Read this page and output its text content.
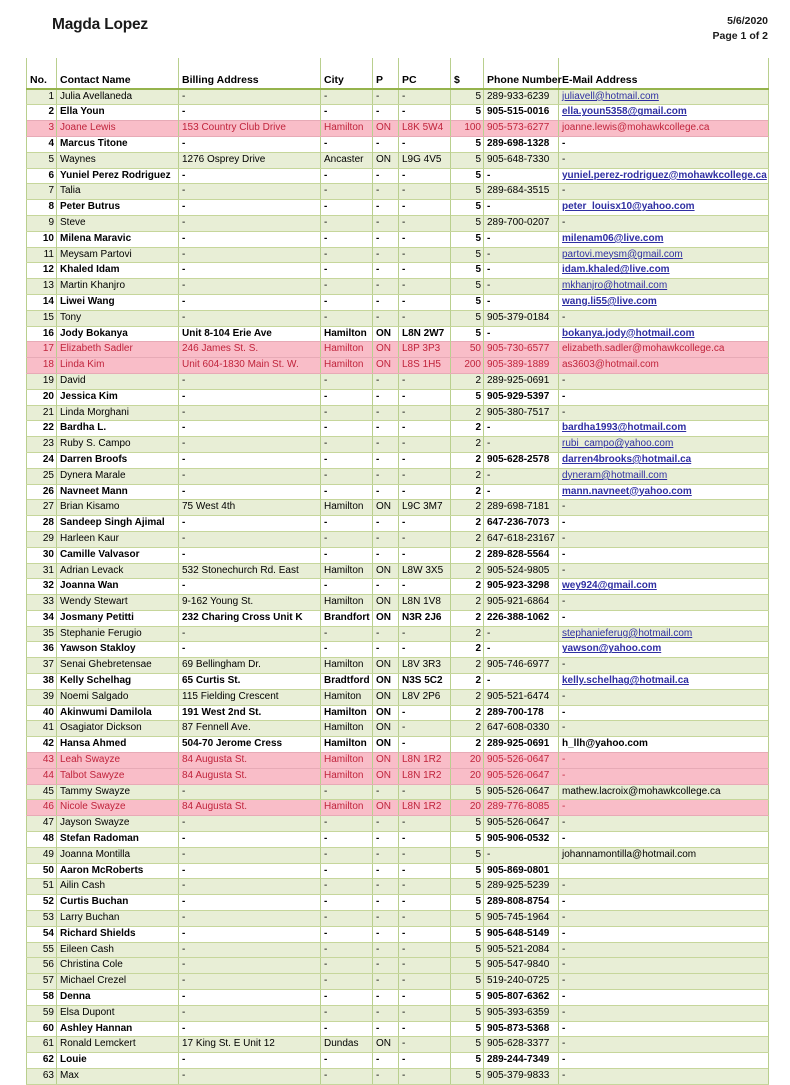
Magda Lopez	5/6/2020
Page 1 of 2

No.	Contact Name	Billing Address	City	P	PC	$	Phone Number	E-Mail Address
1	Julia Avellaneda	-	-	-	-	5	289-933-6239	juliavell@hotmail.com
2	Ella Youn	-	-	-	-	5	905-515-0016	ella.youn5358@gmail.com
3	Joane Lewis	153 Country Club Drive	Hamilton	ON	L8K 5W4	100	905-573-6277	joanne.lewis@mohawkcollege.ca
4	Marcus Titone	-	-	-	-	5	289-698-1328	-
5	Waynes	1276 Osprey Drive	Ancaster	ON	L9G 4V5	5	905-648-7330	-
6	Yuniel Perez Rodriguez	-	-	-	-	5	-	yuniel.perez-rodriguez@mohawkcollege.ca
7	Talia	-	-	-	-	5	289-684-3515	-
8	Peter Butrus	-	-	-	-	5	-	peter_louisx10@yahoo.com
9	Steve	-	-	-	-	5	289-700-0207	-
10	Milena Maravic	-	-	-	-	5	-	milenam06@live.com
11	Meysam Partovi	-	-	-	-	5	-	partovi.meysm@gmail.com
12	Khaled Idam	-	-	-	-	5	-	idam.khaled@live.com
13	Martin Khanjro	-	-	-	-	5	-	mkhanjro@hotmail.com
14	Liwei Wang	-	-	-	-	5	-	wang.li55@live.com
15	Tony	-	-	-	-	5	905-379-0184	-
16	Jody Bokanya	Unit 8-104 Erie Ave	Hamilton	ON	L8N 2W7	5	-	bokanya.jody@hotmail.com
17	Elizabeth Sadler	246 James St. S.	Hamilton	ON	L8P 3P3	50	905-730-6577	elizabeth.sadler@mohawkcollege.ca
18	Linda Kim	Unit 604-1830 Main St. W.	Hamilton	ON	L8S 1H5	200	905-389-1889	as3603@hotmail.com
19	David	-	-	-	-	2	289-925-0691	-
20	Jessica Kim	-	-	-	-	5	905-929-5397	-
21	Linda Morghani	-	-	-	-	2	905-380-7517	-
22	Bardha L.	-	-	-	-	2	-	bardha1993@hotmail.com
23	Ruby S. Campo	-	-	-	-	2	-	rubi_campo@yahoo.com
24	Darren Broofs	-	-	-	-	2	905-628-2578	darren4brooks@hotmail.ca
25	Dynera Marale	-	-	-	-	2	-	dyneram@hotmaill.com
26	Navneet Mann	-	-	-	-	2	-	mann.navneet@yahoo.com
27	Brian Kisamo	75 West 4th	Hamilton	ON	L9C 3M7	2	289-698-7181	-
28	Sandeep Singh Ajimal	-	-	-	-	2	647-236-7073	-
29	Harleen Kaur	-	-	-	-	2	647-618-23167	-
30	Camille Valvasor	-	-	-	-	2	289-828-5564	-
31	Adrian Levack	532 Stonechurch Rd. East	Hamilton	ON	L8W 3X5	2	905-524-9805	-
32	Joanna Wan	-	-	-	-	2	905-923-3298	wey924@gmail.com
33	Wendy Stewart	9-162 Young St.	Hamilton	ON	L8N 1V8	2	905-921-6864	-
34	Josmany Petitti	232 Charing Cross Unit K	Brandfort	ON	N3R 2J6	2	226-388-1062	-
35	Stephanie Ferugio	-	-	-	-	2	-	stephanieferug@hotmail.com
36	Yawson Stakloy	-	-	-	-	2	-	yawson@yahoo.com
37	Senai Ghebretensae	69 Bellingham Dr.	Hamilton	ON	L8V 3R3	2	905-746-6977	-
38	Kelly Schelhag	65 Curtis St.	Bradtford	ON	N3S 5C2	2	-	kelly.schelhag@hotmail.ca
39	Noemi Salgado	115 Fielding Crescent	Hamiton	ON	L8V 2P6	2	905-521-6474	-
40	Akinwumi Damilola	191 West 2nd St.	Hamilton	ON	-	2	289-700-178	-
41	Osagiator Dickson	87 Fennell Ave.	Hamilton	ON	-	2	647-608-0330	-
42	Hansa Ahmed	504-70 Jerome Cress	Hamilton	ON	-	2	289-925-0691	h_llh@yahoo.com
43	Leah Swayze	84 Augusta St.	Hamilton	ON	L8N 1R2	20	905-526-0647	-
44	Talbot Sawyze	84 Augusta St.	Hamilton	ON	L8N 1R2	20	905-526-0647	-
45	Tammy Swayze	-	-	-	-	5	905-526-0647	mathew.lacroix@mohawkcollege.ca
46	Nicole Swayze	84 Augusta St.	Hamilton	ON	L8N 1R2	20	289-776-8085	-
47	Jayson Swayze	-	-	-	-	5	905-526-0647	-
48	Stefan Radoman	-	-	-	-	5	905-906-0532	-
49	Joanna Montilla	-	-	-	-	5	-	johannamontilla@hotmail.com
50	Aaron McRoberts	-	-	-	-	5	905-869-0801	
51	Ailin Cash	-	-	-	-	5	289-925-5239	-
52	Curtis Buchan	-	-	-	-	5	289-808-8754	-
53	Larry Buchan	-	-	-	-	5	905-745-1964	-
54	Richard Shields	-	-	-	-	5	905-648-5149	-
55	Eileen Cash	-	-	-	-	5	905-521-2084	-
56	Christina Cole	-	-	-	-	5	905-547-9840	-
57	Michael Crezel	-	-	-	-	5	519-240-0725	-
58	Denna	-	-	-	-	5	905-807-6362	-
59	Elsa Dupont	-	-	-	-	5	905-393-6359	-
60	Ashley Hannan	-	-	-	-	5	905-873-5368	-
61	Ronald Lemckert	17 King St. E Unit 12	Dundas	ON	-	5	905-628-3377	-
62	Louie	-	-	-	-	5	289-244-7349	-
63	Max	-	-	-	-	5	905-379-9833	-
